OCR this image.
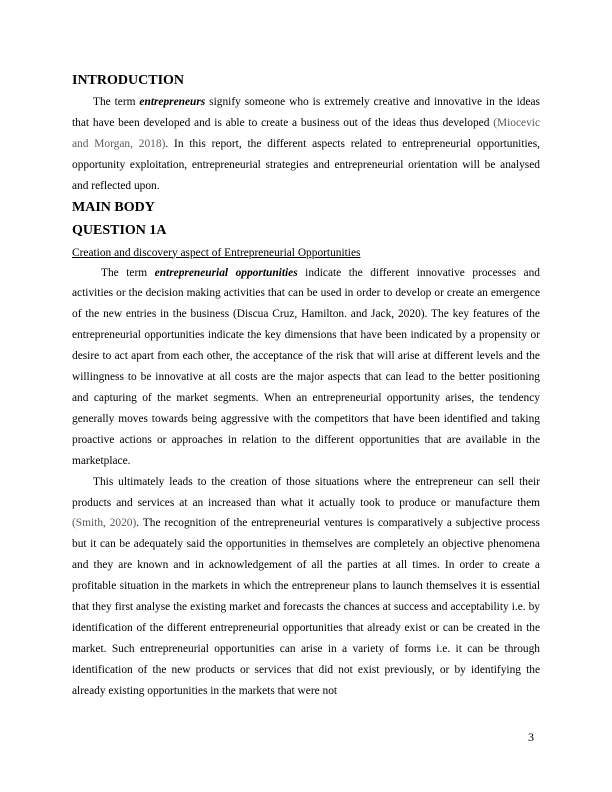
INTRODUCTION

The term entrepreneurs signify someone who is extremely creative and innovative in the ideas that have been developed and is able to create a business out of the ideas thus developed (Miocevic and Morgan, 2018). In this report, the different aspects related to entrepreneurial opportunities, opportunity exploitation, entrepreneurial strategies and entrepreneurial orientation will be analysed and reflected upon.

MAIN BODY
QUESTION 1A

Creation and discovery aspect of Entrepreneurial Opportunities

The term entrepreneurial opportunities indicate the different innovative processes and activities or the decision making activities that can be used in order to develop or create an emergence of the new entries in the business (Discua Cruz, Hamilton. and Jack, 2020). The key features of the entrepreneurial opportunities indicate the key dimensions that have been indicated by a propensity or desire to act apart from each other, the acceptance of the risk that will arise at different levels and the willingness to be innovative at all costs are the major aspects that can lead to the better positioning and capturing of the market segments. When an entrepreneurial opportunity arises, the tendency generally moves towards being aggressive with the competitors that have been identified and taking proactive actions or approaches in relation to the different opportunities that are available in the marketplace.

This ultimately leads to the creation of those situations where the entrepreneur can sell their products and services at an increased than what it actually took to produce or manufacture them (Smith, 2020). The recognition of the entrepreneurial ventures is comparatively a subjective process but it can be adequately said the opportunities in themselves are completely an objective phenomena and they are known and in acknowledgement of all the parties at all times. In order to create a profitable situation in the markets in which the entrepreneur plans to launch themselves it is essential that they first analyse the existing market and forecasts the chances at success and acceptability i.e. by identification of the different entrepreneurial opportunities that already exist or can be created in the market. Such entrepreneurial opportunities can arise in a variety of forms i.e. it can be through identification of the new products or services that did not exist previously, or by identifying the already existing opportunities in the markets that were not

3
